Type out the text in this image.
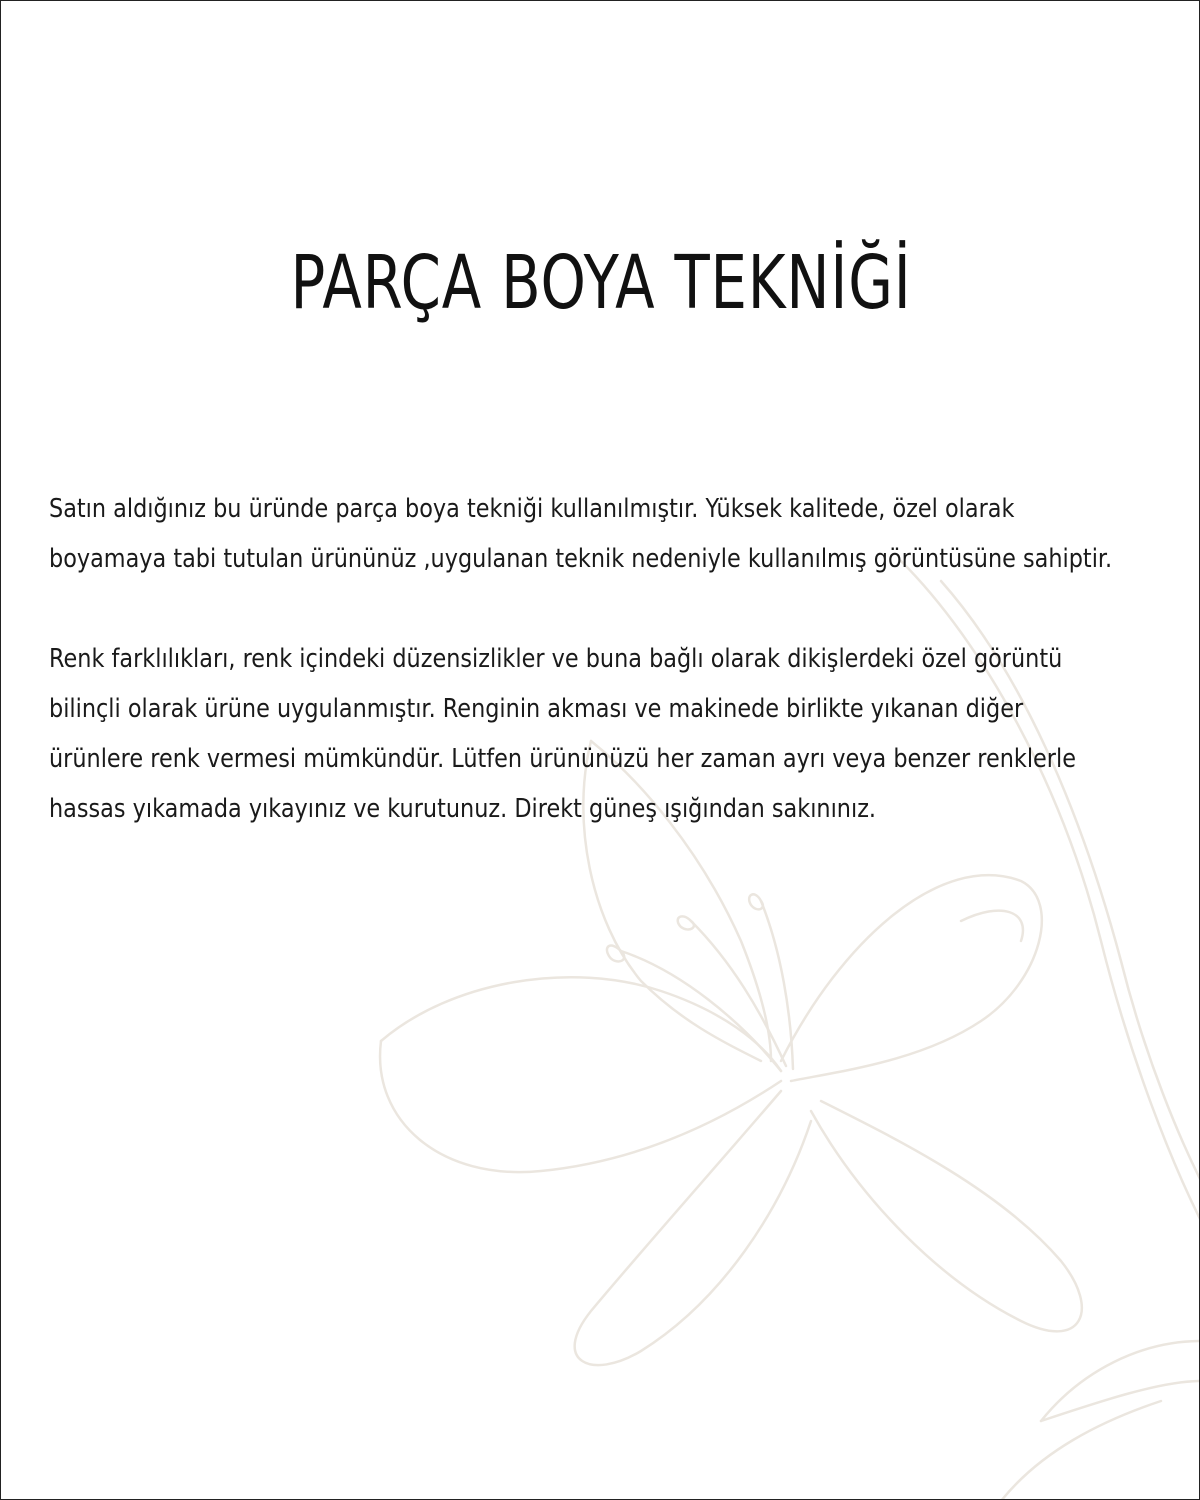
PARÇA BOYA TEKNİĞİ

Satın aldığınız bu üründe parça boya tekniği kullanılmıştır. Yüksek kalitede, özel olarak
boyamaya tabi tutulan ürününüz ,uygulanan teknik nedeniyle kullanılmış görüntüsüne sahiptir.

Renk farklılıkları, renk içindeki düzensizlikler ve buna bağlı olarak dikişlerdeki özel görüntü
bilinçli olarak ürüne uygulanmıştır. Renginin akması ve makinede birlikte yıkanan diğer
ürünlere renk vermesi mümkündür. Lütfen ürününüzü her zaman ayrı veya benzer renklerle
hassas yıkamada yıkayınız ve kurutunuz. Direkt güneş ışığından sakınınız.
